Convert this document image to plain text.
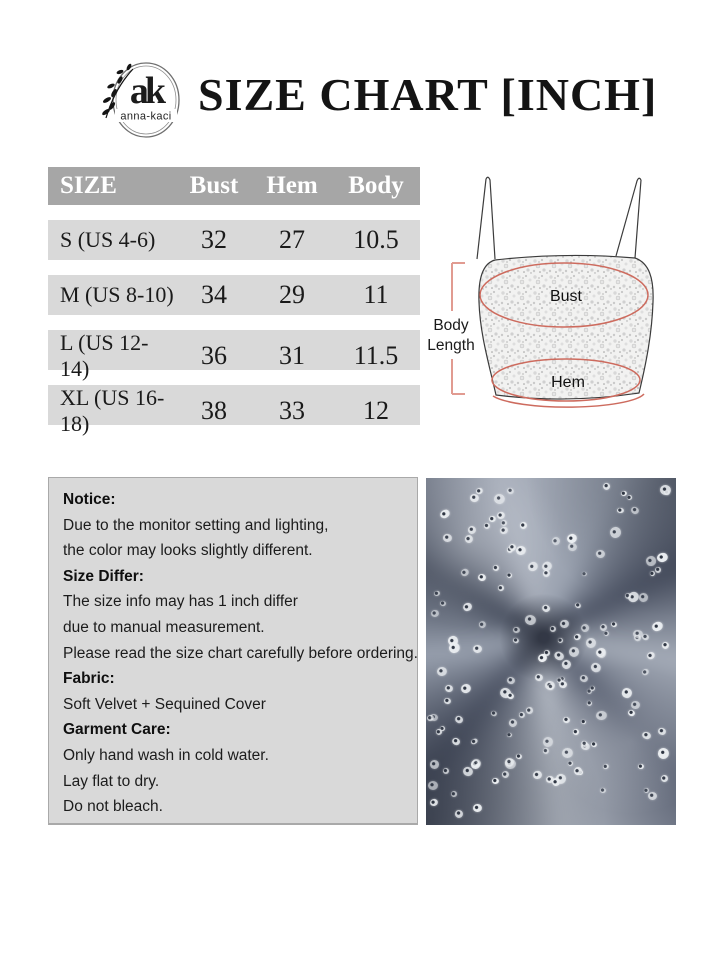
ak
anna-kaci SIZE CHART [INCH]
SIZE	Bust	Hem	Body
S (US 4-6)	32	27	10.5
M (US 8-10)	34	29	11
L (US 12-14)	36	31	11.5
XL (US 16-18)	38	33	12
Bust
Hem
Body
Length
Notice:
Due to the monitor setting and lighting,
the color may looks slightly different.
Size Differ:
The size info may has 1 inch differ
due to manual measurement.
Please read the size chart carefully before ordering.
Fabric:
Soft Velvet + Sequined Cover
Garment Care:
Only hand wash in cold water.
Lay flat to dry.
Do not bleach.
